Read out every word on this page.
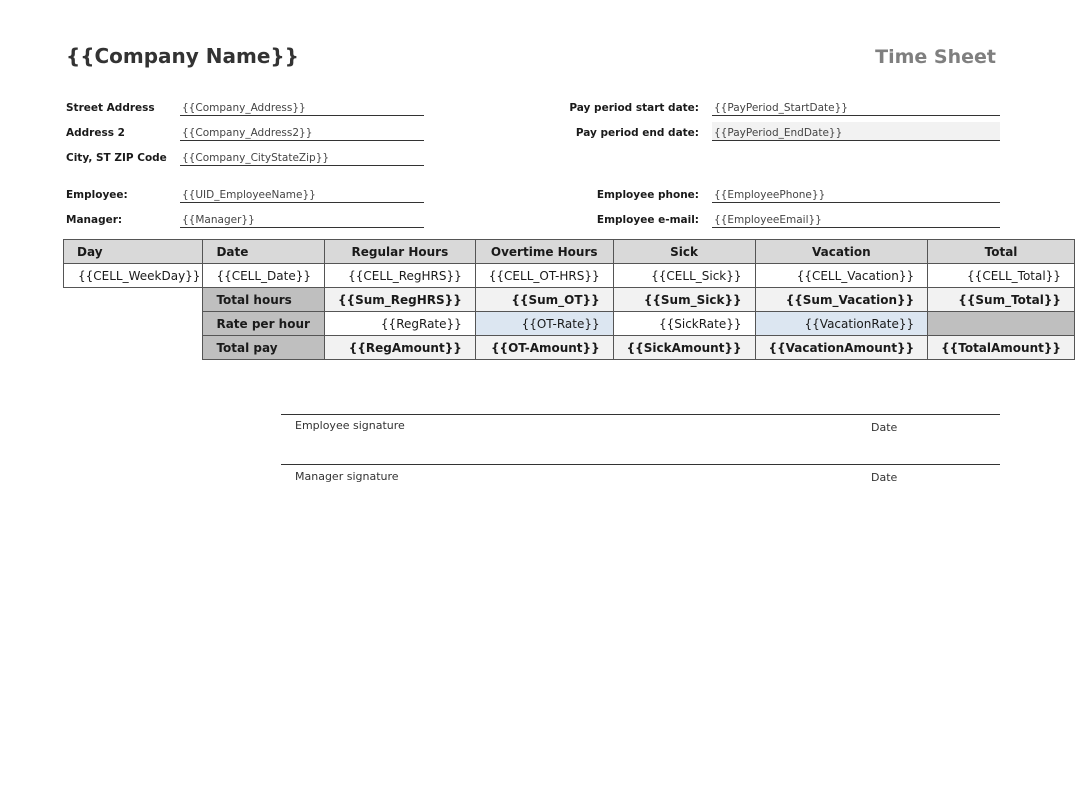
{{Company Name}}	Time Sheet
Street Address	{{Company_Address}}
Address 2	{{Company_Address2}}
City, ST ZIP Code {{Company_CityStateZip}}
Employee:	{{UID_EmployeeName}}
Manager:	{{Manager}}
Pay period start date: {{PayPeriod_StartDate}}
Pay period end date: {{PayPeriod_EndDate}}
Employee phone: {{EmployeePhone}}
Employee e-mail: {{EmployeeEmail}}
Day	Date	Regular Hours	Overtime Hours	Sick	Vacation	Total
{{CELL_WeekDay}}	{{CELL_Date}}	{{CELL_RegHRS}}	{{CELL_OT-HRS}}	{{CELL_Sick}}	{{CELL_Vacation}}	{{CELL_Total}}
	Total hours	{{Sum_RegHRS}}	{{Sum_OT}}	{{Sum_Sick}}	{{Sum_Vacation}}	{{Sum_Total}}
	Rate per hour	{{RegRate}}	{{OT-Rate}}	{{SickRate}}	{{VacationRate}}	
	Total pay	{{RegAmount}}	{{OT-Amount}}	{{SickAmount}}	{{VacationAmount}}	{{TotalAmount}}
Employee signature	Date
Manager signature	Date
